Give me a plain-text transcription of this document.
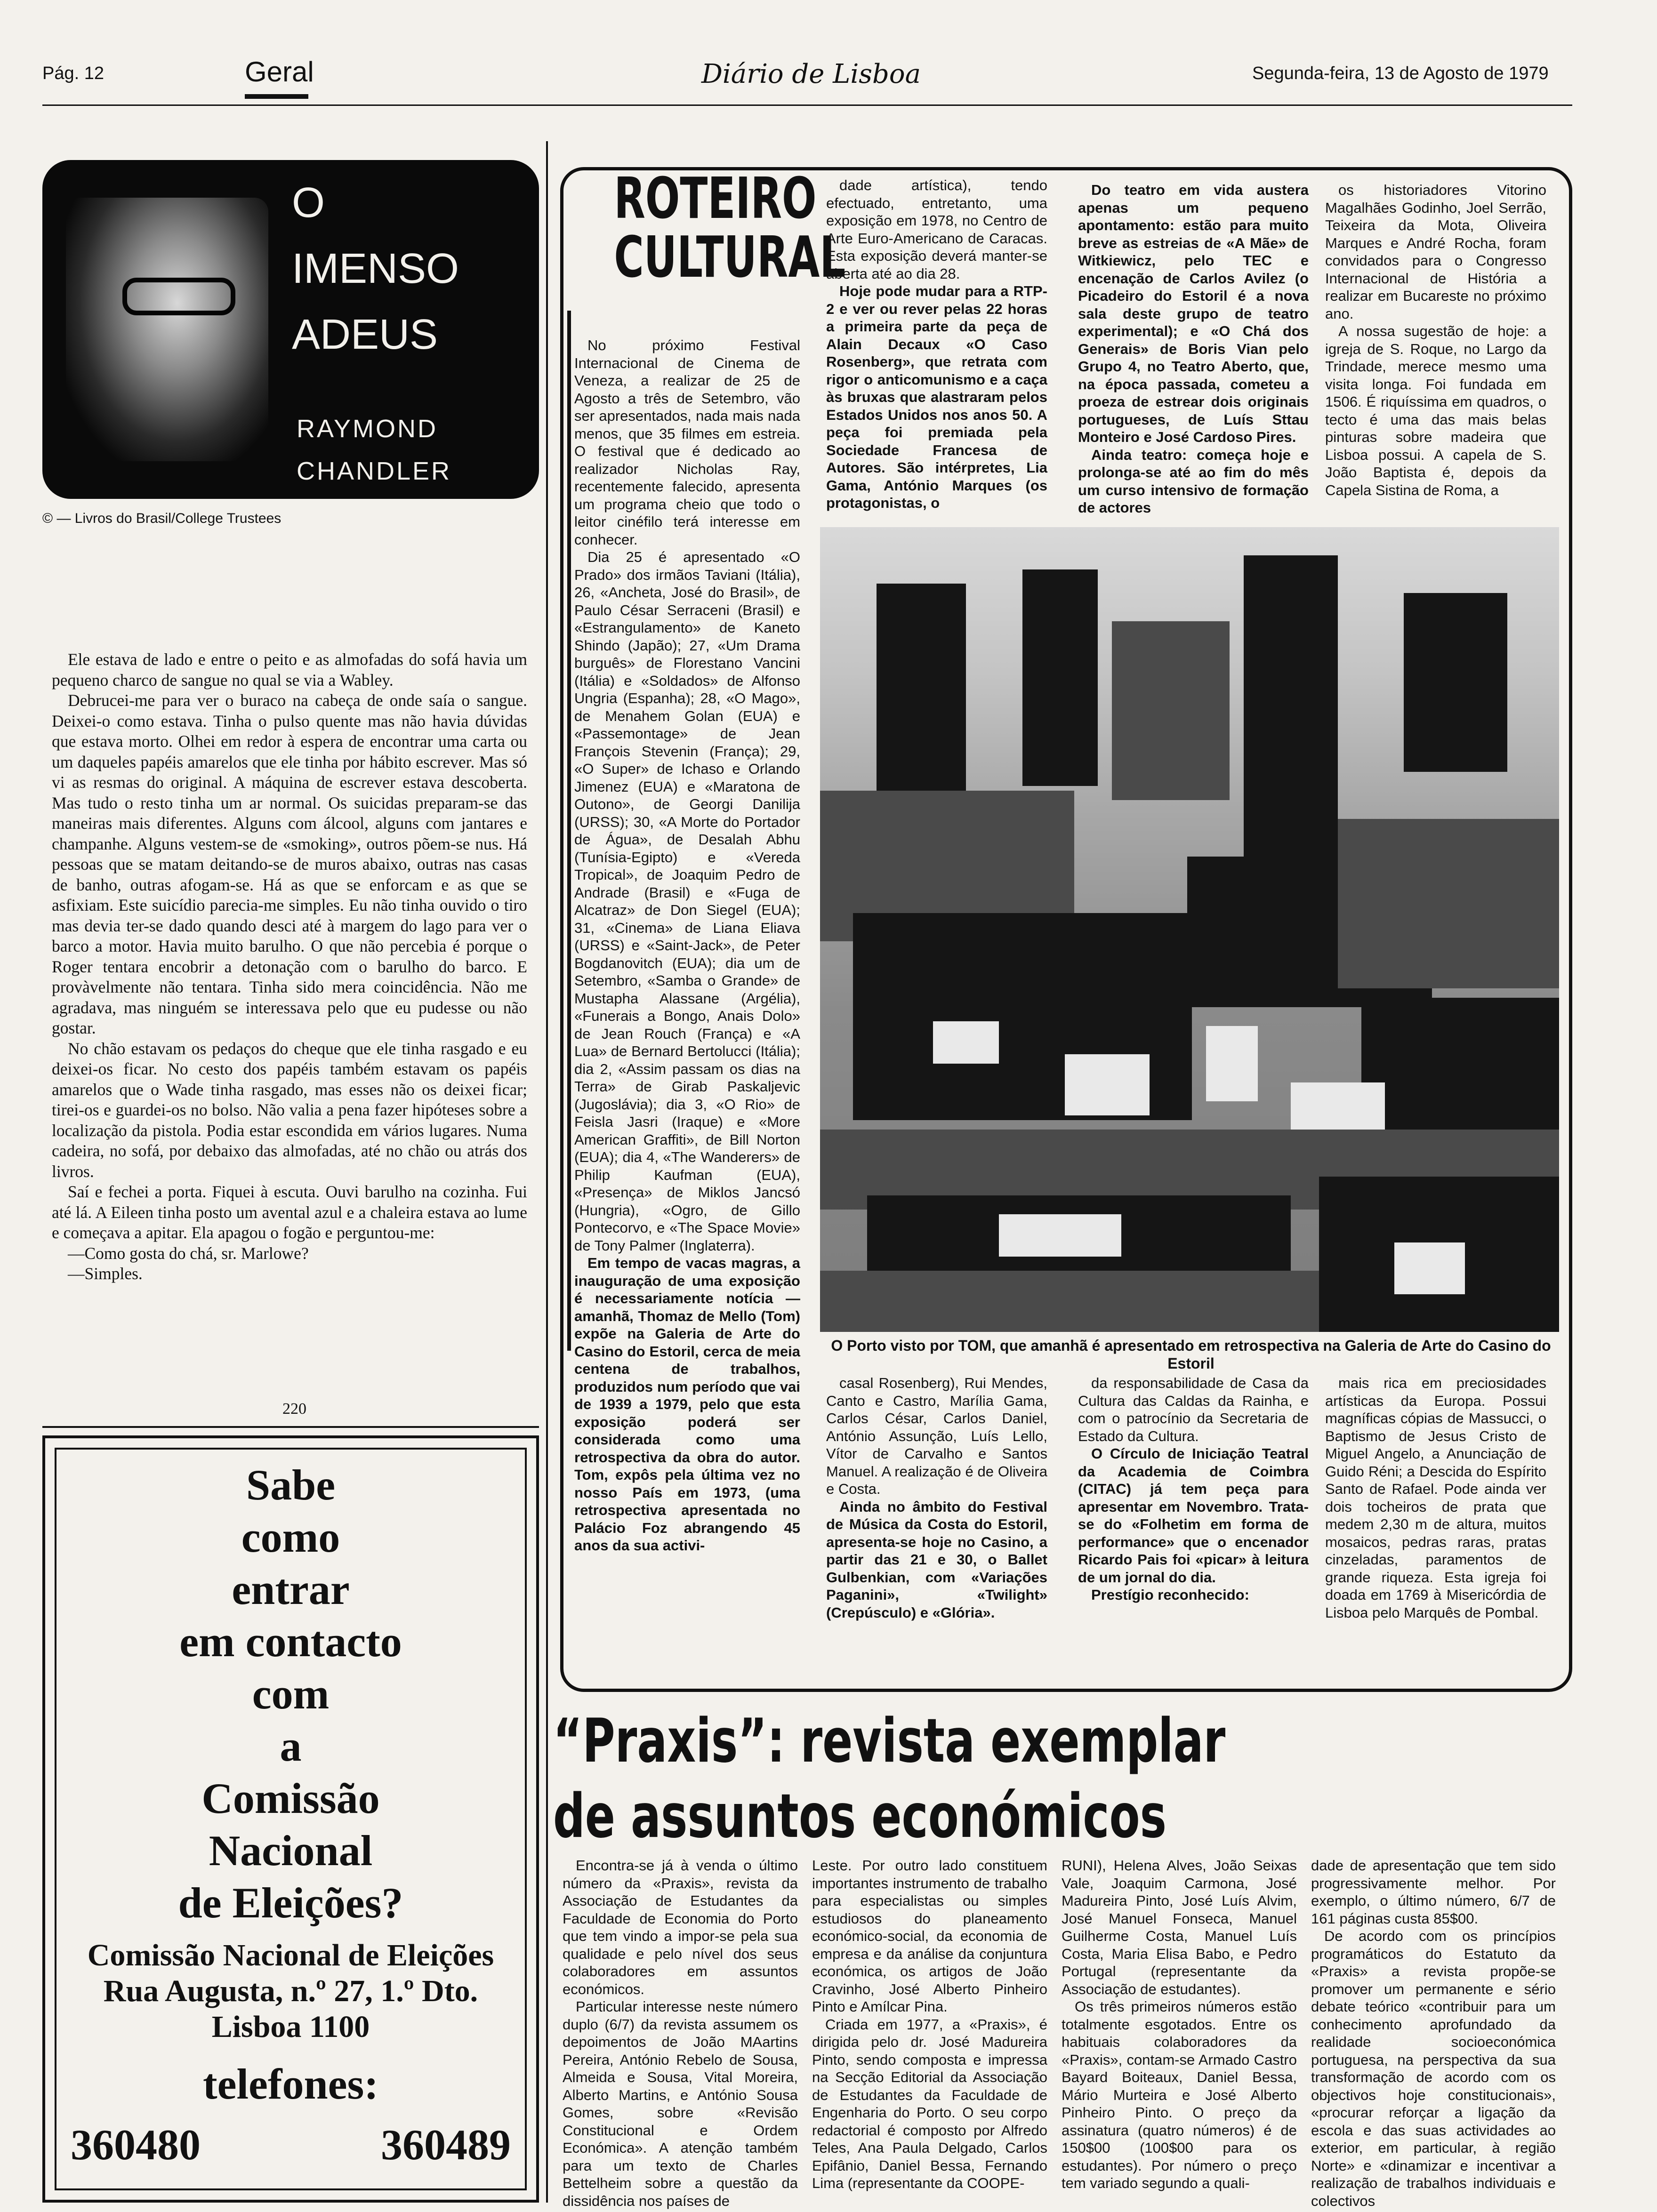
Pág. 12	Geral	Diário de Lisboa	Segunda-feira, 13 de Agosto de 1979
O
IMENSO
ADEUS
RAYMOND
CHANDLER
© — Livros do Brasil/College Trustees

Ele estava de lado e entre o peito e as almofadas do sofá havia um pequeno charco de sangue no qual se via a Wabley.

Debrucei-me para ver o buraco na cabeça de onde saía o sangue. Deixei-o como estava. Tinha o pulso quente mas não havia dúvidas que estava morto. Olhei em redor à espera de encontrar uma carta ou um daqueles papéis amarelos que ele tinha por hábito escrever. Mas só vi as resmas do original. A máquina de escrever estava descoberta. Mas tudo o resto tinha um ar normal. Os suicidas preparam-se das maneiras mais diferentes. Alguns com álcool, alguns com jantares e champanhe. Alguns vestem-se de «smoking», outros põem-se nus. Há pessoas que se matam deitando-se de muros abaixo, outras nas casas de banho, outras afogam-se. Há as que se enforcam e as que se asfixiam. Este suicídio parecia-me simples. Eu não tinha ouvido o tiro mas devia ter-se dado quando desci até à margem do lago para ver o barco a motor. Havia muito barulho. O que não percebia é porque o Roger tentara encobrir a detonação com o barulho do barco. E provàvelmente não tentara. Tinha sido mera coincidência. Não me agradava, mas ninguém se interessava pelo que eu pudesse ou não gostar.

No chão estavam os pedaços do cheque que ele tinha rasgado e eu deixei-os ficar. No cesto dos papéis também estavam os papéis amarelos que o Wade tinha rasgado, mas esses não os deixei ficar; tirei-os e guardei-os no bolso. Não valia a pena fazer hipóteses sobre a localização da pistola. Podia estar escondida em vários lugares. Numa cadeira, no sofá, por debaixo das almofadas, até no chão ou atrás dos livros.

Saí e fechei a porta. Fiquei à escuta. Ouvi barulho na cozinha. Fui até lá. A Eileen tinha posto um avental azul e a chaleira estava ao lume e começava a apitar. Ela apagou o fogão e perguntou-me:

—Como gosta do chá, sr. Marlowe?

—Simples.

220
Sabe
como
entrar
em contacto
com
a
Comissão
Nacional
de Eleições?
Comissão Nacional de Eleições
Rua Augusta, n.º 27, 1.º Dto.
Lisboa 1100
telefones:
360480	360489
ROTEIRO
CULTURAL

No próximo Festival Internacional de Cinema de Veneza, a realizar de 25 de Agosto a três de Setembro, vão ser apresentados, nada mais nada menos, que 35 filmes em estreia. O festival que é dedicado ao realizador Nicholas Ray, recentemente falecido, apresenta um programa cheio que todo o leitor cinéfilo terá interesse em conhecer.

Dia 25 é apresentado «O Prado» dos irmãos Taviani (Itália), 26, «Ancheta, José do Brasil», de Paulo César Serraceni (Brasil) e «Estrangulamento» de Kaneto Shindo (Japão); 27, «Um Drama burguês» de Florestano Vancini (Itália) e «Soldados» de Alfonso Ungria (Espanha); 28, «O Mago», de Menahem Golan (EUA) e «Passemontage» de Jean François Stevenin (França); 29, «O Super» de Ichaso e Orlando Jimenez (EUA) e «Maratona de Outono», de Georgi Danilija (URSS); 30, «A Morte do Portador de Água», de Desalah Abhu (Tunísia-Egipto) e «Vereda Tropical», de Joaquim Pedro de Andrade (Brasil) e «Fuga de Alcatraz» de Don Siegel (EUA); 31, «Cinema» de Liana Eliava (URSS) e «Saint-Jack», de Peter Bogdanovitch (EUA); dia um de Setembro, «Samba o Grande» de Mustapha Alassane (Argélia), «Funerais a Bongo, Anais Dolo» de Jean Rouch (França) e «A Lua» de Bernard Bertolucci (Itália); dia 2, «Assim passam os dias na Terra» de Girab Paskaljevic (Jugoslávia); dia 3, «O Rio» de Feisla Jasri (Iraque) e «More American Graffiti», de Bill Norton (EUA); dia 4, «The Wanderers» de Philip Kaufman (EUA), «Presença» de Miklos Jancsó (Hungria), «Ogro, de Gillo Pontecorvo, e «The Space Movie» de Tony Palmer (Inglaterra).

Em tempo de vacas magras, a inauguração de uma exposição é necessariamente notícia — amanhã, Thomaz de Mello (Tom) expõe na Galeria de Arte do Casino do Estoril, cerca de meia centena de trabalhos, produzidos num período que vai de 1939 a 1979, pelo que esta exposição poderá ser considerada como uma retrospectiva da obra do autor. Tom, expôs pela última vez no nosso País em 1973, (uma retrospectiva apresentada no Palácio Foz abrangendo 45 anos da sua activi-

dade artística), tendo efectuado, entretanto, uma exposição em 1978, no Centro de Arte Euro-Americano de Caracas. Esta exposição deverá manter-se aberta até ao dia 28.

Hoje pode mudar para a RTP-2 e ver ou rever pelas 22 horas a primeira parte da peça de Alain Decaux «O Caso Rosenberg», que retrata com rigor o anticomunismo e a caça às bruxas que alastraram pelos Estados Unidos nos anos 50. A peça foi premiada pela Sociedade Francesa de Autores. São intérpretes, Lia Gama, António Marques (os protagonistas, o

Do teatro em vida austera apenas um pequeno apontamento: estão para muito breve as estreias de «A Mãe» de Witkiewicz, pelo TEC e encenação de Carlos Avilez (o Picadeiro do Estoril é a nova sala deste grupo de teatro experimental); e «O Chá dos Generais» de Boris Vian pelo Grupo 4, no Teatro Aberto, que, na época passada, cometeu a proeza de estrear dois originais portugueses, de Luís Sttau Monteiro e José Cardoso Pires.

Ainda teatro: começa hoje e prolonga-se até ao fim do mês um curso intensivo de formação de actores

os historiadores Vitorino Magalhães Godinho, Joel Serrão, Teixeira da Mota, Oliveira Marques e André Rocha, foram convidados para o Congresso Internacional de História a realizar em Bucareste no próximo ano.

A nossa sugestão de hoje: a igreja de S. Roque, no Largo da Trindade, merece mesmo uma visita longa. Foi fundada em 1506. É riquíssima em quadros, o tecto é uma das mais belas pinturas sobre madeira que Lisboa possui. A capela de S. João Baptista é, depois da Capela Sistina de Roma, a

O Porto visto por TOM, que amanhã é apresentado em retrospectiva na Galeria de Arte do Casino do Estoril

casal Rosenberg), Rui Mendes, Canto e Castro, Marília Gama, Carlos César, Carlos Daniel, António Assunção, Luís Lello, Vítor de Carvalho e Santos Manuel. A realização é de Oliveira e Costa.

Ainda no âmbito do Festival de Música da Costa do Estoril, apresenta-se hoje no Casino, a partir das 21 e 30, o Ballet Gulbenkian, com «Variações Paganini», «Twilight» (Crepúsculo) e «Glória».

da responsabilidade de Casa da Cultura das Caldas da Rainha, e com o patrocínio da Secretaria de Estado da Cultura.

O Círculo de Iniciação Teatral da Academia de Coimbra (CITAC) já tem peça para apresentar em Novembro. Trata-se do «Folhetim em forma de performance» que o encenador Ricardo Pais foi «picar» à leitura de um jornal do dia.

Prestígio reconhecido:

mais rica em preciosidades artísticas da Europa. Possui magníficas cópias de Massucci, o Baptismo de Jesus Cristo de Miguel Angelo, a Anunciação de Guido Réni; a Descida do Espírito Santo de Rafael. Pode ainda ver dois tocheiros de prata que medem 2,30 m de altura, muitos mosaicos, pedras raras, pratas cinzeladas, paramentos de grande riqueza. Esta igreja foi doada em 1769 à Misericórdia de Lisboa pelo Marquês de Pombal.

“Praxis”: revista exemplar
de assuntos económicos

Encontra-se já à venda o último número da «Praxis», revista da Associação de Estudantes da Faculdade de Economia do Porto que tem vindo a impor-se pela sua qualidade e pelo nível dos seus colaboradores em assuntos económicos.

Particular interesse neste número duplo (6/7) da revista assumem os depoimentos de João MAartins Pereira, António Rebelo de Sousa, Almeida e Sousa, Vital Moreira, Alberto Martins, e António Sousa Gomes, sobre «Revisão Constitucional e Ordem Económica». A atenção também para um texto de Charles Bettelheim sobre a questão da dissidência nos países de

Leste. Por outro lado constituem importantes instrumento de trabalho para especialistas ou simples estudiosos do planeamento económico-social, da economia de empresa e da análise da conjuntura económica, os artigos de João Cravinho, José Alberto Pinheiro Pinto e Amílcar Pina.

Criada em 1977, a «Praxis», é dirigida pelo dr. José Madureira Pinto, sendo composta e impressa na Secção Editorial da Associação de Estudantes da Faculdade de Engenharia do Porto. O seu corpo redactorial é composto por Alfredo Teles, Ana Paula Delgado, Carlos Epifânio, Daniel Bessa, Fernando Lima (representante da COOPE-

RUNI), Helena Alves, João Seixas Vale, Joaquim Carmona, José Madureira Pinto, José Luís Alvim, José Manuel Fonseca, Manuel Guilherme Costa, Manuel Luís Costa, Maria Elisa Babo, e Pedro Portugal (representante da Associação de estudantes).

Os três primeiros números estão totalmente esgotados. Entre os habituais colaboradores da «Praxis», contam-se Armado Castro Bayard Boiteaux, Daniel Bessa, Mário Murteira e José Alberto Pinheiro Pinto. O preço da assinatura (quatro números) é de 150$00 (100$00 para os estudantes). Por número o preço tem variado segundo a quali-

dade de apresentação que tem sido progressivamente melhor. Por exemplo, o último número, 6/7 de 161 páginas custa 85$00.

De acordo com os princípios programáticos do Estatuto da «Praxis» a revista propõe-se promover um permanente e sério debate teórico «contribuir para um conhecimento aprofundado da realidade socioeconómica portuguesa, na perspectiva da sua transformação de acordo com os objectivos hoje constitucionais», «procurar reforçar a ligação da escola e das suas actividades ao exterior, em particular, à região Norte» e «dinamizar e incentivar a realização de trabalhos individuais e colectivos
